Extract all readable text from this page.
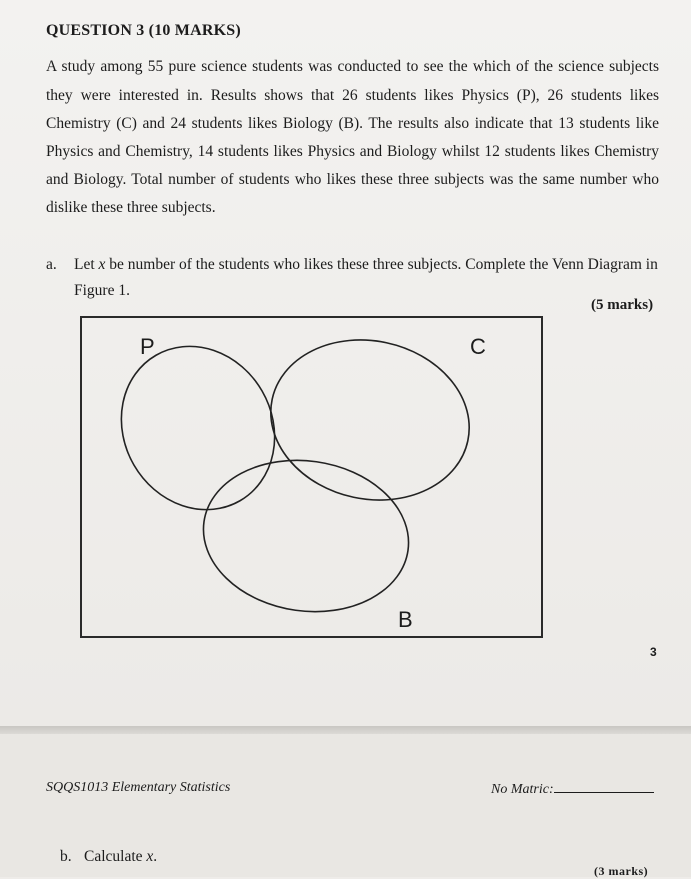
QUESTION 3 (10 MARKS)
A study among 55 pure science students was conducted to see the which of the science subjects
they were interested in. Results shows that 26 students likes Physics (P), 26 students likes
Chemistry (C) and 24 students likes Biology (B). The results also indicate that 13 students like
Physics and Chemistry, 14 students likes Physics and Biology whilst 12 students likes Chemistry
and Biology. Total number of students who likes these three subjects was the same number who
dislike these three subjects.
a. Let x be number of the students who likes these three subjects. Complete the Venn Diagram in
Figure 1.
(5 marks)
P	C
B
3
SQQS1013 Elementary Statistics	No Matric:
b. Calculate x.
(3 marks)
